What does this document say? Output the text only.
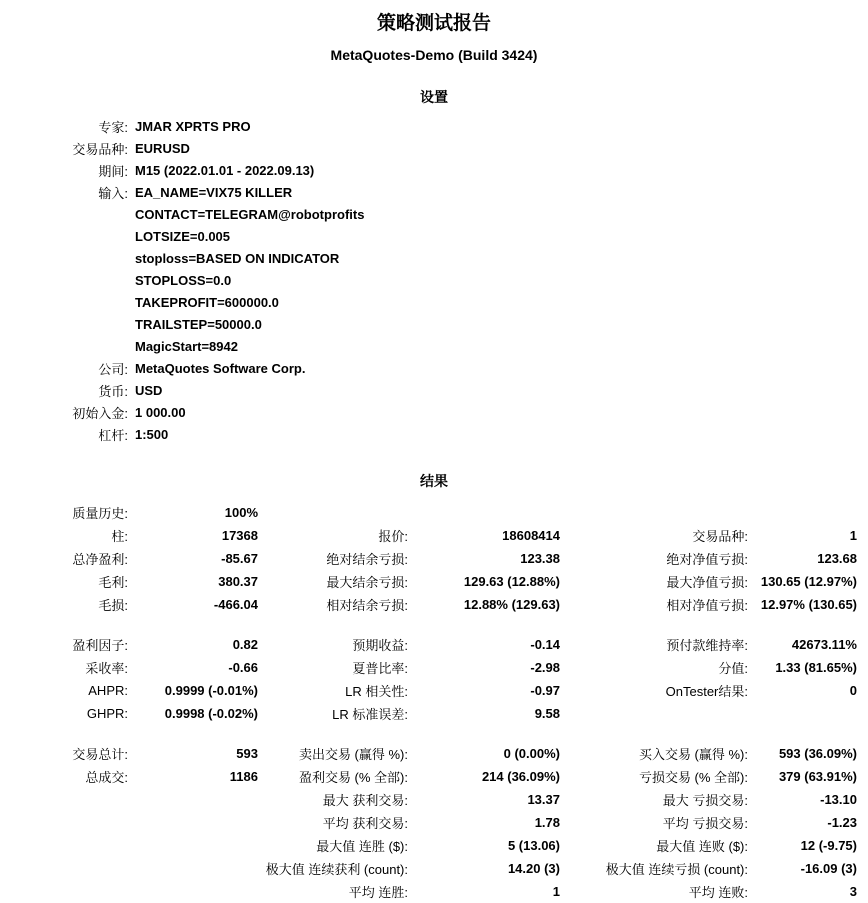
策略测试报告
MetaQuotes-Demo (Build 3424)
设置
专家:	JMAR XPRTS PRO
交易品种:	EURUSD
期间:	M15 (2022.01.01 - 2022.09.13)
输入:	EA_NAME=VIX75 KILLER
	CONTACT=TELEGRAM@robotprofits
	LOTSIZE=0.005
	stoploss=BASED ON INDICATOR
	STOPLOSS=0.0
	TAKEPROFIT=600000.0
	TRAILSTEP=50000.0
	MagicStart=8942
公司:	MetaQuotes Software Corp.
货币:	USD
初始入金:	1 000.00
杠杆:	1:500
结果
质量历史:	100%				
柱:	17368	报价:	18608414	交易品种:	1
总净盈利:	-85.67	绝对结余亏损:	123.38	绝对净值亏损:	123.68
毛利:	380.37	最大结余亏损:	129.63 (12.88%)	最大净值亏损:	130.65 (12.97%)
毛损:	-466.04	相对结余亏损:	12.88% (129.63)	相对净值亏损:	12.97% (130.65)

盈利因子:	0.82	预期收益:	-0.14	预付款维持率:	42673.11%
采收率:	-0.66	夏普比率:	-2.98	分值:	1.33 (81.65%)
AHPR:	0.9999 (-0.01%)	LR 相关性:	-0.97	OnTester结果:	0
GHPR:	0.9998 (-0.02%)	LR 标准误差:	9.58		

交易总计:	593	卖出交易 (赢得 %):	0 (0.00%)	买入交易 (赢得 %):	593 (36.09%)
总成交:	1186	盈利交易 (% 全部):	214 (36.09%)	亏损交易 (% 全部):	379 (63.91%)
		最大 获利交易:	13.37	最大 亏损交易:	-13.10
		平均 获利交易:	1.78	平均 亏损交易:	-1.23
		最大值 连胜 ($):	5 (13.06)	最大值 连败 ($):	12 (-9.75)
		极大值 连续获利 (count):	14.20 (3)	极大值 连续亏损 (count):	-16.09 (3)
		平均 连胜:	1	平均 连败:	3
